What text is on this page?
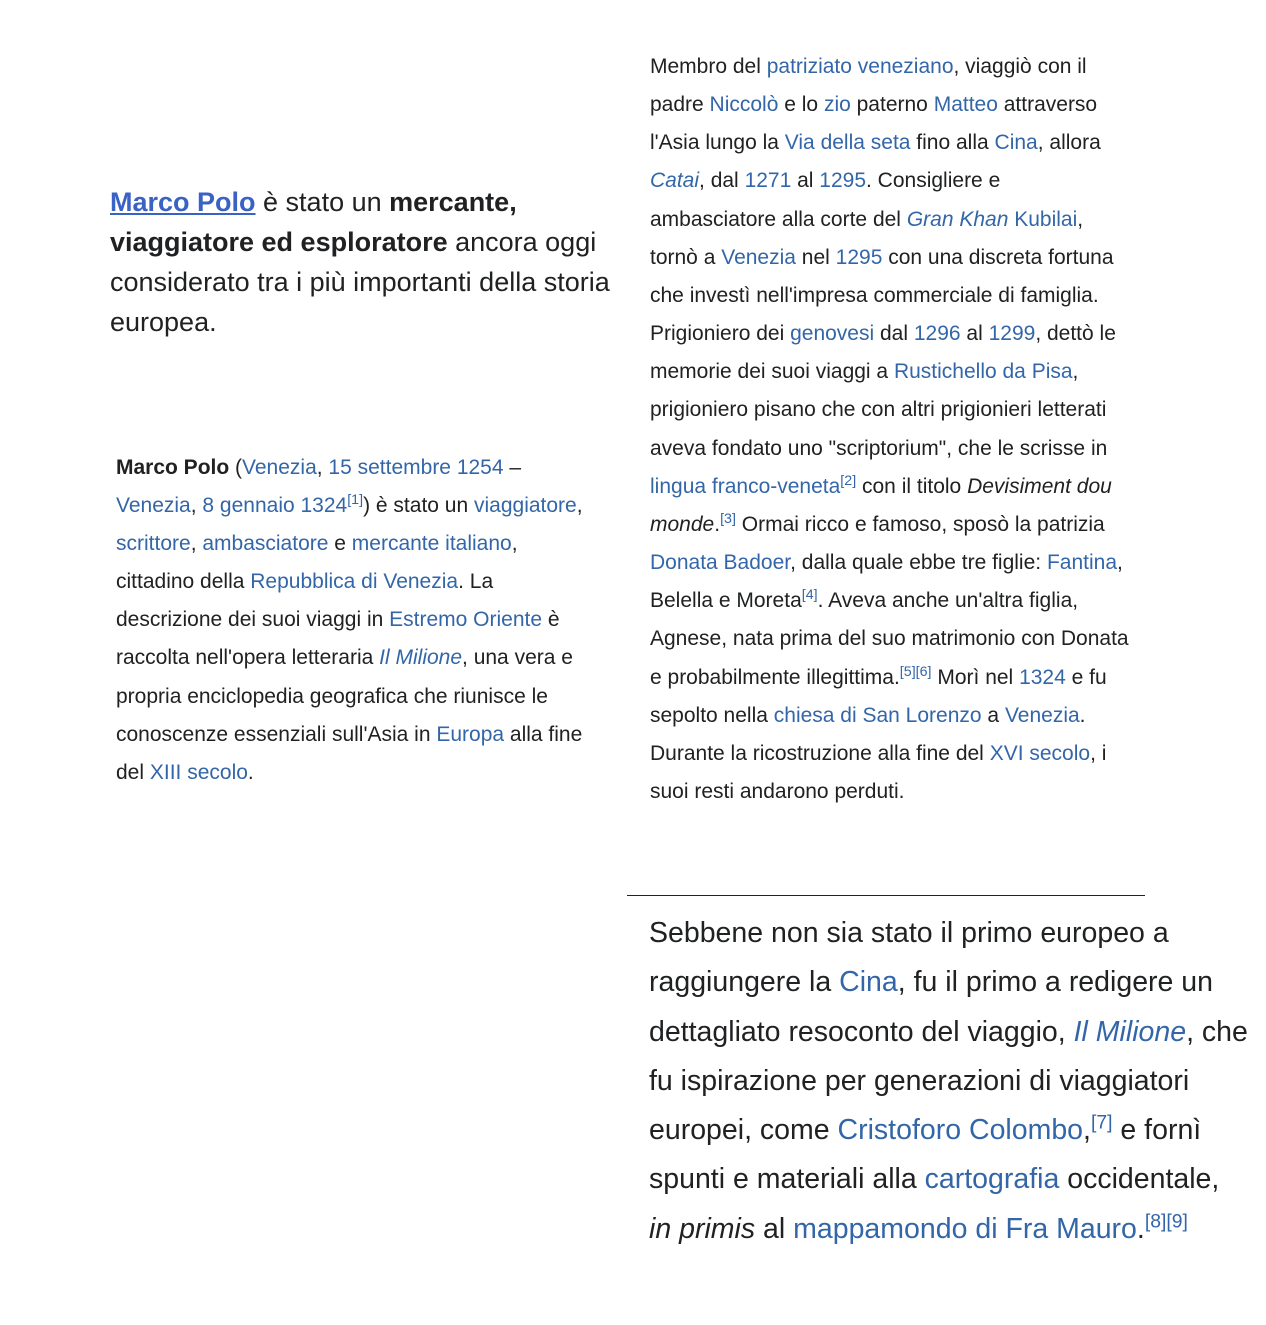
Marco Polo è stato un mercante, viaggiatore ed esploratore ancora oggi considerato tra i più importanti della storia europea.
Marco Polo (Venezia, 15 settembre 1254 – Venezia, 8 gennaio 1324[1]) è stato un viaggiatore, scrittore, ambasciatore e mercante italiano, cittadino della Repubblica di Venezia. La descrizione dei suoi viaggi in Estremo Oriente è raccolta nell'opera letteraria Il Milione, una vera e propria enciclopedia geografica che riunisce le conoscenze essenziali sull'Asia in Europa alla fine del XIII secolo.
Membro del patriziato veneziano, viaggiò con il padre Niccolò e lo zio paterno Matteo attraverso l'Asia lungo la Via della seta fino alla Cina, allora Catai, dal 1271 al 1295. Consigliere e ambasciatore alla corte del Gran Khan Kubilai, tornò a Venezia nel 1295 con una discreta fortuna che investì nell'impresa commerciale di famiglia. Prigioniero dei genovesi dal 1296 al 1299, dettò le memorie dei suoi viaggi a Rustichello da Pisa, prigioniero pisano che con altri prigionieri letterati aveva fondato uno "scriptorium", che le scrisse in lingua franco-veneta[2] con il titolo Devisiment dou monde.[3] Ormai ricco e famoso, sposò la patrizia Donata Badoer, dalla quale ebbe tre figlie: Fantina, Belella e Moreta[4]. Aveva anche un'altra figlia, Agnese, nata prima del suo matrimonio con Donata e probabilmente illegittima.[5][6] Morì nel 1324 e fu sepolto nella chiesa di San Lorenzo a Venezia. Durante la ricostruzione alla fine del XVI secolo, i suoi resti andarono perduti.
Sebbene non sia stato il primo europeo a raggiungere la Cina, fu il primo a redigere un dettagliato resoconto del viaggio, Il Milione, che fu ispirazione per generazioni di viaggiatori europei, come Cristoforo Colombo,[7] e fornì spunti e materiali alla cartografia occidentale, in primis al mappamondo di Fra Mauro.[8][9]
